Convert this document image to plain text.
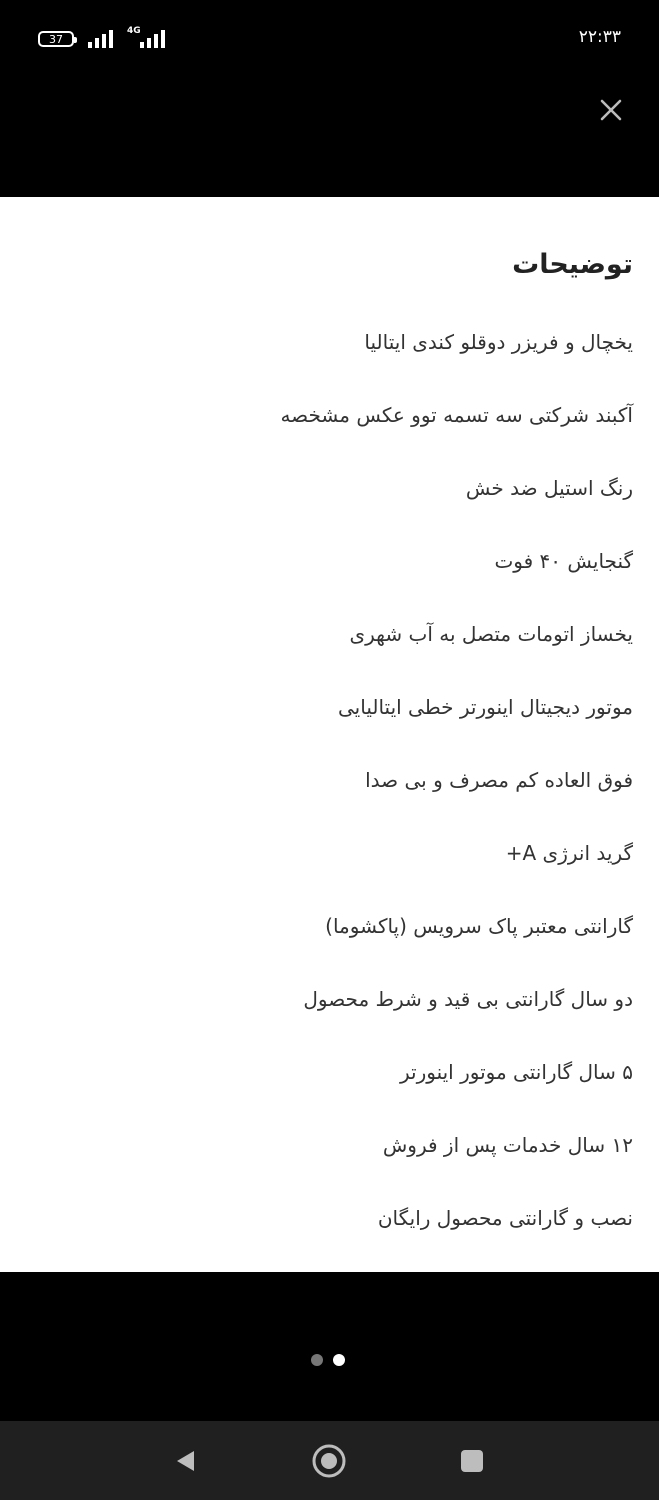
37
4G	۲۲:۳۳
توضیحات
یخچال و فریزر دوقلو کندی ایتالیا
آکبند شرکتی سه تسمه توو عکس مشخصه
رنگ استیل ضد خش
گنجایش ۴۰ فوت
یخساز اتومات متصل به آب شهری
موتور دیجیتال اینورتر خطی ایتالیایی
فوق العاده کم مصرف و بی صدا
گرید انرژی A+
گارانتی معتبر پاک سرویس (پاکشوما)
دو سال گارانتی بی قید و شرط محصول
۵ سال گارانتی موتور اینورتر
۱۲ سال خدمات پس از فروش
نصب و گارانتی محصول رایگان
